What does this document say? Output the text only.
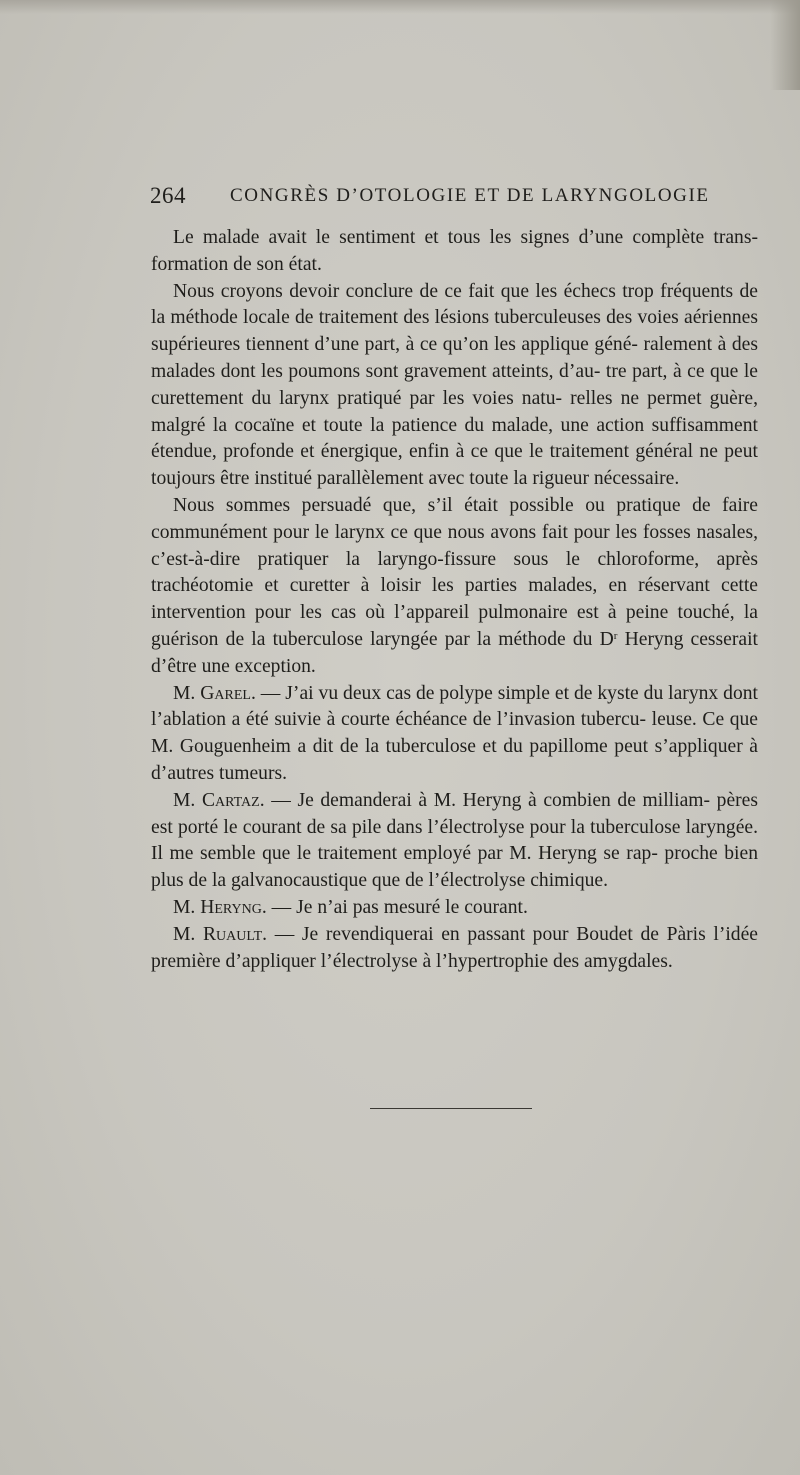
264 CONGRÈS D’OTOLOGIE ET DE LARYNGOLOGIE

Le malade avait le sentiment et tous les signes d’une complète trans- formation de son état.

Nous croyons devoir conclure de ce fait que les échecs trop fréquents de la méthode locale de traitement des lésions tuberculeuses des voies aériennes supérieures tiennent d’une part, à ce qu’on les applique géné- ralement à des malades dont les poumons sont gravement atteints, d’au- tre part, à ce que le curettement du larynx pratiqué par les voies natu- relles ne permet guère, malgré la cocaïne et toute la patience du malade, une action suffisamment étendue, profonde et énergique, enfin à ce que le traitement général ne peut toujours être institué parallèlement avec toute la rigueur nécessaire.

Nous sommes persuadé que, s’il était possible ou pratique de faire communément pour le larynx ce que nous avons fait pour les fosses nasales, c’est-à-dire pratiquer la laryngo-fissure sous le chloroforme, après trachéotomie et curetter à loisir les parties malades, en réservant cette intervention pour les cas où l’appareil pulmonaire est à peine touché, la guérison de la tuberculose laryngée par la méthode du $D^r$ Heryng cesserait d’être une exception.

M. Garel. — J’ai vu deux cas de polype simple et de kyste du larynx dont l’ablation a été suivie à courte échéance de l’invasion tubercu- leuse. Ce que M. Gouguenheim a dit de la tuberculose et du papillome peut s’appliquer à d’autres tumeurs.

M. Cartaz. — Je demanderai à M. Heryng à combien de milliam- pères est porté le courant de sa pile dans l’électrolyse pour la tuberculose laryngée. Il me semble que le traitement employé par M. Heryng se rap- proche bien plus de la galvanocaustique que de l’électrolyse chimique.

M. Heryng. — Je n’ai pas mesuré le courant.

M. Ruault. — Je revendiquerai en passant pour Boudet de Pàris l’idée première d’appliquer l’électrolyse à l’hypertrophie des amygdales.
